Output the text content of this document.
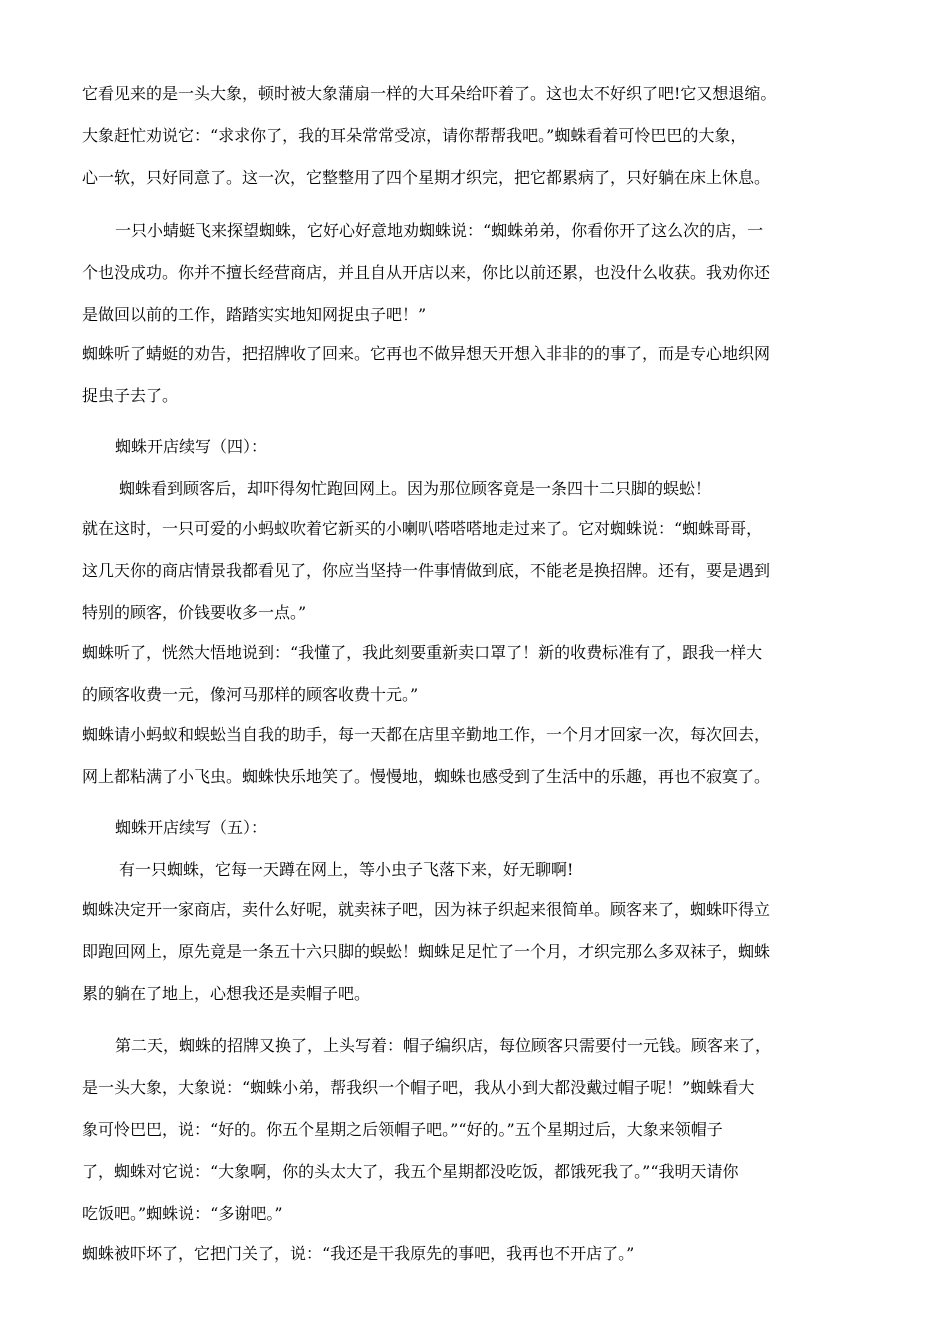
它看见来的是一头大象，顿时被大象蒲扇一样的大耳朵给吓着了。这也太不好织了吧!它又想退缩。
大象赶忙劝说它：“求求你了，我的耳朵常常受凉，请你帮帮我吧。”蜘蛛看着可怜巴巴的大象，
心一软，只好同意了。这一次，它整整用了四个星期才织完，把它都累病了，只好躺在床上休息。
一只小蜻蜓飞来探望蜘蛛，它好心好意地劝蜘蛛说：“蜘蛛弟弟，你看你开了这么次的店，一
个也没成功。你并不擅长经营商店，并且自从开店以来，你比以前还累，也没什么收获。我劝你还
是做回以前的工作，踏踏实实地知网捉虫子吧！”
蜘蛛听了蜻蜓的劝告，把招牌收了回来。它再也不做异想天开想入非非的的事了，而是专心地织网
捉虫子去了。
蜘蛛开店续写（四）：
蜘蛛看到顾客后，却吓得匆忙跑回网上。因为那位顾客竟是一条四十二只脚的蜈蚣！
就在这时，一只可爱的小蚂蚁吹着它新买的小喇叭嗒嗒嗒地走过来了。它对蜘蛛说：“蜘蛛哥哥，
这几天你的商店情景我都看见了，你应当坚持一件事情做到底，不能老是换招牌。还有，要是遇到
特别的顾客，价钱要收多一点。”
蜘蛛听了，恍然大悟地说到：“我懂了，我此刻要重新卖口罩了！新的收费标准有了，跟我一样大
的顾客收费一元，像河马那样的顾客收费十元。”
蜘蛛请小蚂蚁和蜈蚣当自我的助手，每一天都在店里辛勤地工作，一个月才回家一次，每次回去，
网上都粘满了小飞虫。蜘蛛快乐地笑了。慢慢地，蜘蛛也感受到了生活中的乐趣，再也不寂寞了。
蜘蛛开店续写（五）：
有一只蜘蛛，它每一天蹲在网上，等小虫子飞落下来，好无聊啊!
蜘蛛决定开一家商店，卖什么好呢，就卖袜子吧，因为袜子织起来很简单。顾客来了，蜘蛛吓得立
即跑回网上，原先竟是一条五十六只脚的蜈蚣！蜘蛛足足忙了一个月，才织完那么多双袜子，蜘蛛
累的躺在了地上，心想我还是卖帽子吧。
第二天，蜘蛛的招牌又换了，上头写着：帽子编织店，每位顾客只需要付一元钱。顾客来了，
是一头大象，大象说：“蜘蛛小弟，帮我织一个帽子吧，我从小到大都没戴过帽子呢！”蜘蛛看大
象可怜巴巴，说：“好的。你五个星期之后领帽子吧。”“好的。”五个星期过后，大象来领帽子
了，蜘蛛对它说：“大象啊，你的头太大了，我五个星期都没吃饭，都饿死我了。”“我明天请你
吃饭吧。”蜘蛛说：“多谢吧。”
蜘蛛被吓坏了，它把门关了，说：“我还是干我原先的事吧，我再也不开店了。”
